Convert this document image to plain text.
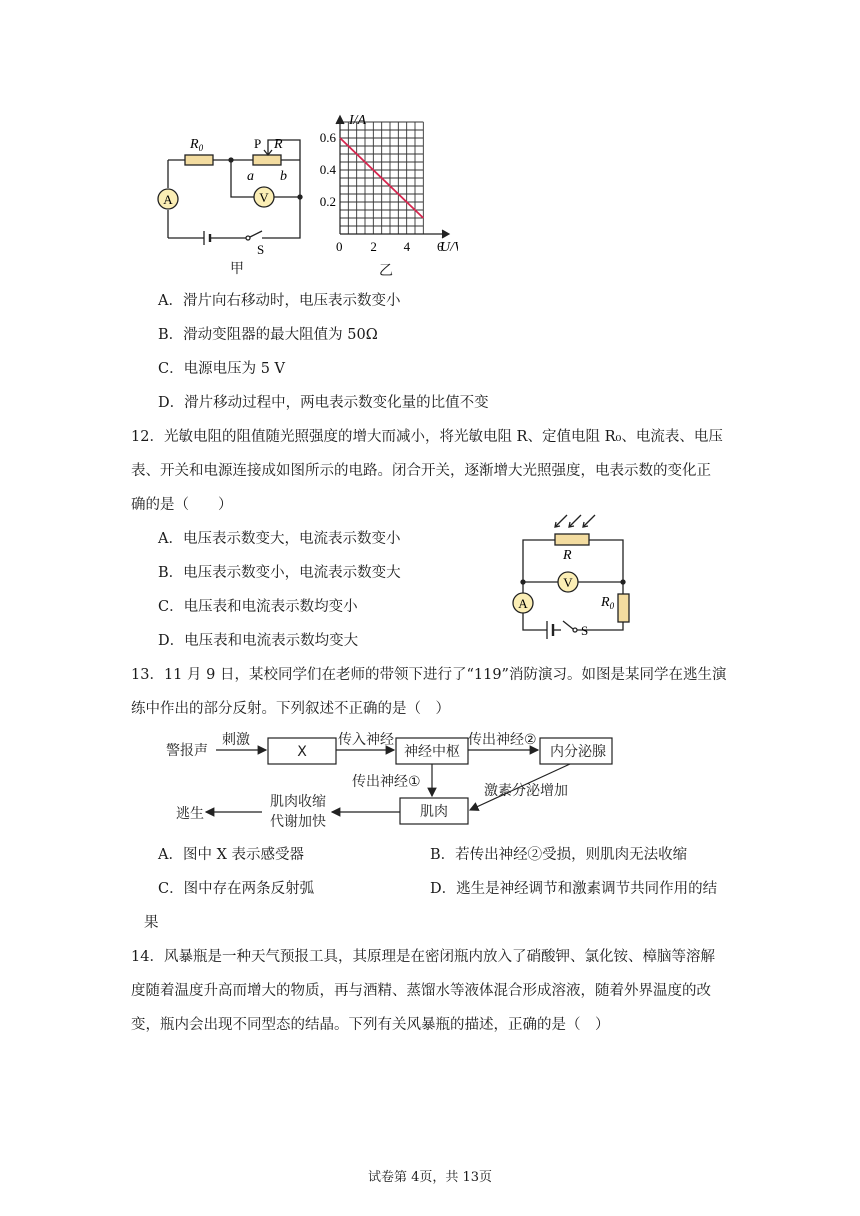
A	V
$R_0$	P R
a b
S
甲
0 2 4 6
0.2
0.4
0.6
I/A
U/
乙
A．滑片向右移动时，电压表示数变小
B．滑动变阻器的最大阻值为 50Ω
C．电源电压为 5 V
D．滑片移动过程中，两电表示数变化量的比值不变
12．光敏电阻的阻值随光照强度的增大而减小，将光敏电阻 R、定值电阻 R₀、电流表、电压
表、开关和电源连接成如图所示的电路。闭合开关，逐渐增大光照强度，电表示数的变化正
确的是（　　）
A．电压表示数变大，电流表示数变小
B．电压表示数变小，电流表示数变大
C．电压表和电流表示数均变小
D．电压表和电流表示数均变大
A
V
R
$R_0$
S
13．11 月 9 日，某校同学们在老师的带领下进行了“119”消防演习。如图是某同学在逃生演
练中作出的部分反射。下列叙述不正确的是（　）
警报声
刺激
X
传入神经
神经中枢
传出神经②
内分泌腺
传出神经①
激素分泌增加
肌肉
肌肉收缩
代谢加快
逃生
A．图中 X 表示感受器	B．若传出神经②受损，则肌肉无法收缩
C．图中存在两条反射弧	D．逃生是神经调节和激素调节共同作用的结
果
14．风暴瓶是一种天气预报工具，其原理是在密闭瓶内放入了硝酸钾、氯化铵、樟脑等溶解
度随着温度升高而增大的物质，再与酒精、蒸馏水等液体混合形成溶液，随着外界温度的改
变，瓶内会出现不同型态的结晶。下列有关风暴瓶的描述，正确的是（　）
试卷第 4页，共 13页
